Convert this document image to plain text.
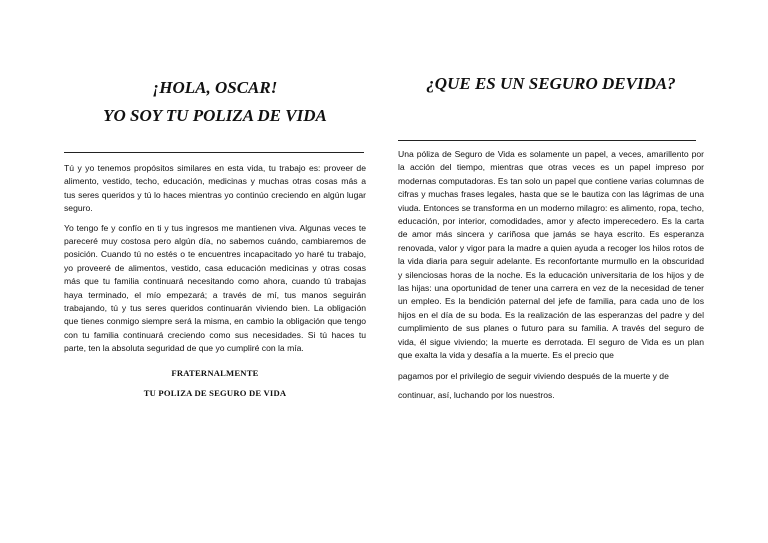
¡HOLA, OSCAR!
YO SOY TU POLIZA DE VIDA

Tú y yo tenemos propósitos similares en esta vida, tu trabajo es: proveer de alimento, vestido, techo, educación, medicinas y muchas otras cosas más a tus seres queridos y tú lo haces mientras yo continúo creciendo en algún lugar seguro.

Yo tengo fe y confío en ti y tus ingresos me mantienen viva. Algunas veces te pareceré muy costosa pero algún día, no sabemos cuándo, cambiaremos de posición. Cuando tú no estés o te encuentres incapacitado yo haré tu trabajo, yo proveeré de alimentos, vestido, casa educación medicinas y otras cosas más que tu familia continuará necesitando como ahora, cuando tú trabajas haya terminado, el mío empezará; a través de mí, tus manos seguirán trabajando, tú y tus seres queridos continuarán viviendo bien. La obligación que tienes conmigo siempre será la misma, en cambio la obligación que tengo con tu familia continuará creciendo como sus necesidades. Si tú haces tu parte, ten la absoluta seguridad de que yo cumpliré con la mía.

FRATERNALMENTE

TU POLIZA DE SEGURO DE VIDA

¿QUE ES UN SEGURO DEVIDA?

Una póliza de Seguro de Vida es solamente un papel, a veces, amarillento por la acción del tiempo, mientras que otras veces es un papel impreso por modernas computadoras. Es tan solo un papel que contiene varias columnas de cifras y muchas frases legales, hasta que se le bautiza con las lágrimas de una viuda. Entonces se transforma en un moderno milagro: es alimento, ropa, techo, educación, por interior, comodidades, amor y afecto imperecedero. Es la carta de amor más sincera y cariñosa que jamás se haya escrito. Es esperanza renovada, valor y vigor para la madre a quien ayuda a recoger los hilos rotos de la vida diaria para seguir adelante. Es reconfortante murmullo en la obscuridad y silenciosas horas de la noche. Es la educación universitaria de los hijos y de las hijas: una oportunidad de tener una carrera en vez de la necesidad de tener un empleo. Es la bendición paternal del jefe de familia, para cada uno de los hijos en el día de su boda. Es la realización de las esperanzas del padre y del cumplimiento de sus planes o futuro para su familia. A través del seguro de vida, él sigue viviendo; la muerte es derrotada. El seguro de Vida es un plan que exalta la vida y desafía a la muerte. Es el precio que

pagamos por el privilegio de seguir viviendo después de la muerte y de continuar, así, luchando por los nuestros.
